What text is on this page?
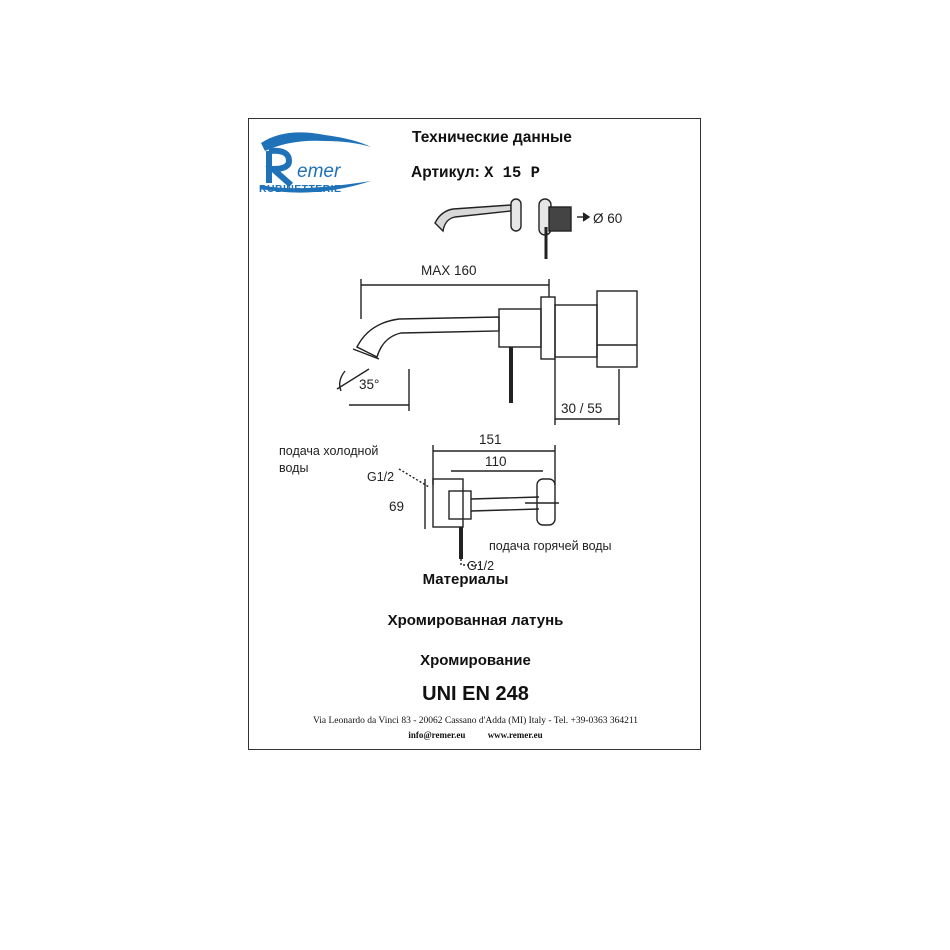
emer
RUBINETTERIE
Технические данные
Артикул: X 15 P
Ø 60
MAX 160
35°
30 / 55
151
110
69
G1/2
G1/2
подача холодной
воды
подача горячей воды
Материалы
Хромированная латунь
Хромирование
UNI EN 248
Via Leonardo da Vinci 83 - 20062 Cassano d'Adda (MI) Italy - Tel. +39-0363 364211
info@remer.eu www.remer.eu
